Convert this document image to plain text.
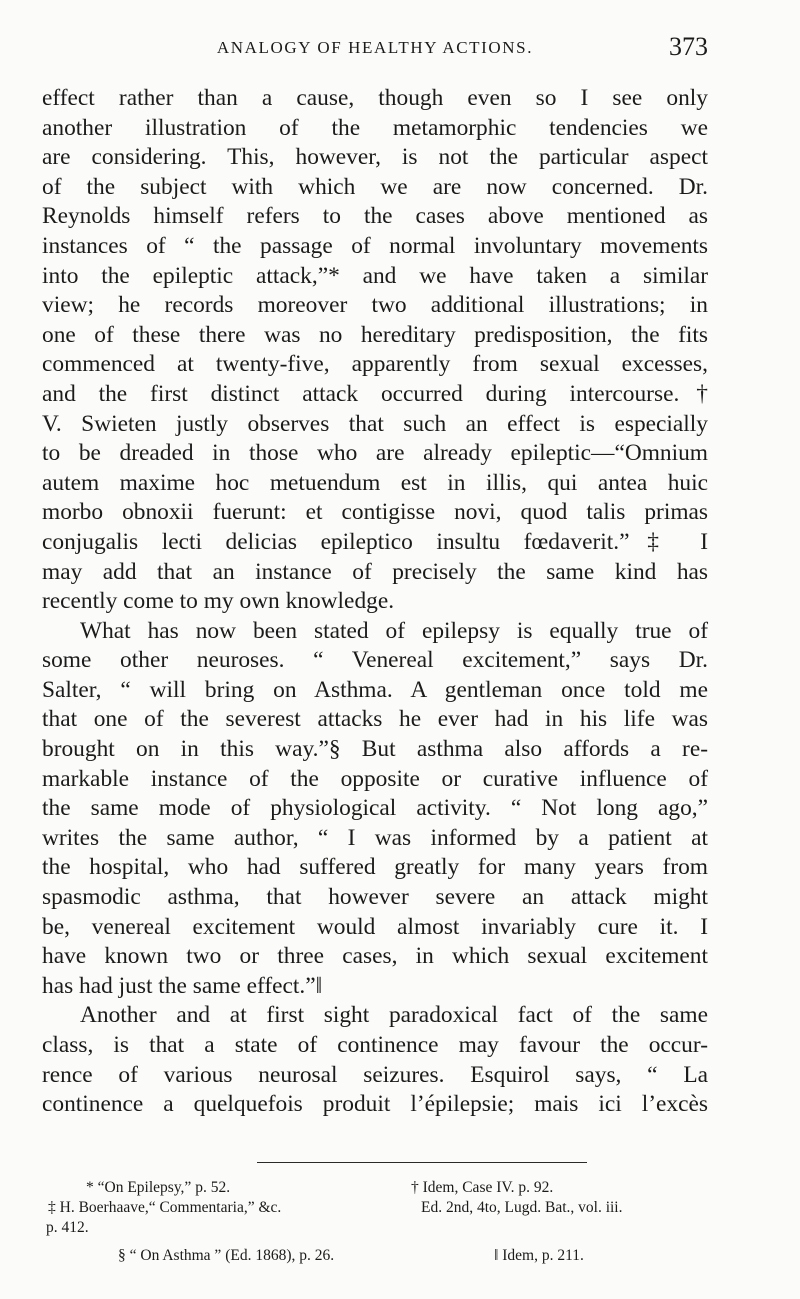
ANALOGY OF HEALTHY ACTIONS.	373
effect rather than a cause, though even so I see only
another illustration of the metamorphic tendencies we
are considering. This, however, is not the particular aspect
of the subject with which we are now concerned. Dr.
Reynolds himself refers to the cases above mentioned as
instances of “ the passage of normal involuntary movements
into the epileptic attack,”* and we have taken a similar
view; he records moreover two additional illustrations; in
one of these there was no hereditary predisposition, the fits
commenced at twenty-five, apparently from sexual excesses,
and the first distinct attack occurred during intercourse.†
V. Swieten justly observes that such an effect is especially
to be dreaded in those who are already epileptic—“Omnium
autem maxime hoc metuendum est in illis, qui antea huic
morbo obnoxii fuerunt: et contigisse novi, quod talis primas
conjugalis lecti delicias epileptico insultu fœdaverit.”‡ I
may add that an instance of precisely the same kind has
recently come to my own knowledge.
What has now been stated of epilepsy is equally true of
some other neuroses. “ Venereal excitement,” says Dr.
Salter, “ will bring on Asthma. A gentleman once told me
that one of the severest attacks he ever had in his life was
brought on in this way.”§ But asthma also affords a re-
markable instance of the opposite or curative influence of
the same mode of physiological activity. “ Not long ago,”
writes the same author, “ I was informed by a patient at
the hospital, who had suffered greatly for many years from
spasmodic asthma, that however severe an attack might
be, venereal excitement would almost invariably cure it. I
have known two or three cases, in which sexual excitement
has had just the same effect.”‖
Another and at first sight paradoxical fact of the same
class, is that a state of continence may favour the occur-
rence of various neurosal seizures. Esquirol says, “ La
continence a quelquefois produit l’épilepsie; mais ici l’excès
* “On Epilepsy,” p. 52.	† Idem, Case IV. p. 92.
‡ H. Boerhaave,“ Commentaria,” &c.	Ed. 2nd, 4to, Lugd. Bat., vol. iii.
p. 412.
§ “ On Asthma ” (Ed. 1868), p. 26.	‖ Idem, p. 211.
